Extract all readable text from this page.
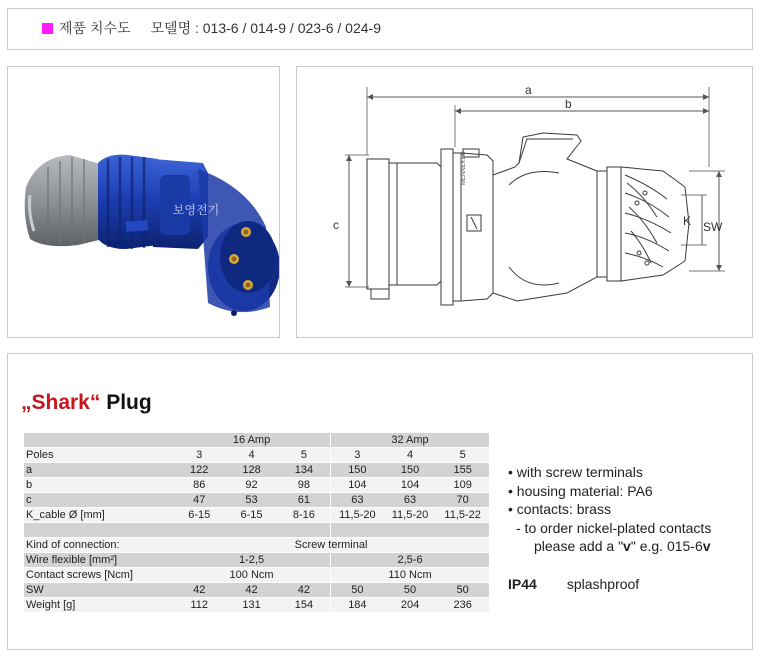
제품 치수도 모델명 : 013-6 / 014-9 / 023-6 / 024-9
보영전기
a
b
c	K SW
MENNEKES
„Shark“ Plug
	16 Amp			32 Amp		
Poles	3	4	5	3	4	5
a	122	128	134	150	150	155
b	86	92	98	104	104	109
c	47	53	61	63	63	70
K_cable Ø [mm]	6-15	6-15	8-16	11,5-20	11,5-20	11,5-22

Kind of connection:	Screw terminal					
Wire flexible [mm²]	1-2,5			2,5-6		
Contact screws [Ncm]	100 Ncm			110 Ncm		
SW	42	42	42	50	50	50
Weight [g]	112	131	154	184	204	236
• with screw terminals
• housing material: PA6
• contacts: brass
- to order nickel-plated contacts
please add a "v" e.g. 015-6v
IP44 splashproof
